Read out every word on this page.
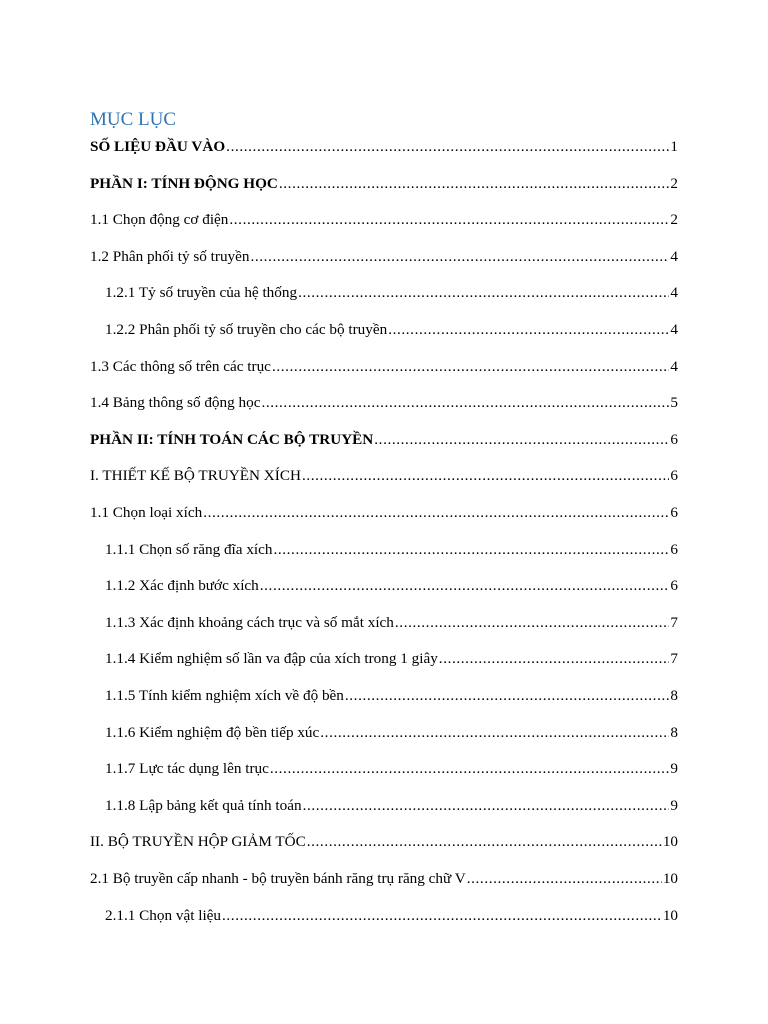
MỤC LỤC
SỐ LIỆU ĐẦU VÀO .....	1
PHẦN I: TÍNH ĐỘNG HỌC .....	2
1.1 Chọn động cơ điện .....	2
1.2 Phân phối tỷ số truyền .....	4
1.2.1 Tỷ số truyền của hệ thống .....	4
1.2.2 Phân phối tỷ số truyền cho các bộ truyền .....	4
1.3 Các thông số trên các trục .....	4
1.4 Bảng thông số động học .....	5
PHẦN II: TÍNH TOÁN CÁC BỘ TRUYỀN .....	6
I. THIẾT KẾ BỘ TRUYỀN XÍCH .....	6
1.1 Chọn loại xích .....	6
1.1.1 Chọn số răng đĩa xích .....	6
1.1.2 Xác định bước xích .....	6
1.1.3 Xác định khoảng cách trục và số mắt xích .....	7
1.1.4 Kiểm nghiệm số lần va đập của xích trong 1 giây .....	7
1.1.5 Tính kiểm nghiệm xích về độ bền .....	8
1.1.6 Kiểm nghiệm độ bền tiếp xúc .....	8
1.1.7 Lực tác dụng lên trục .....	9
1.1.8 Lập bảng kết quả tính toán .....	9
II. BỘ TRUYỀN HỘP GIẢM TỐC .....	10
2.1 Bộ truyền cấp nhanh - bộ truyền bánh răng trụ răng chữ V .....	10
2.1.1 Chọn vật liệu .....	10
